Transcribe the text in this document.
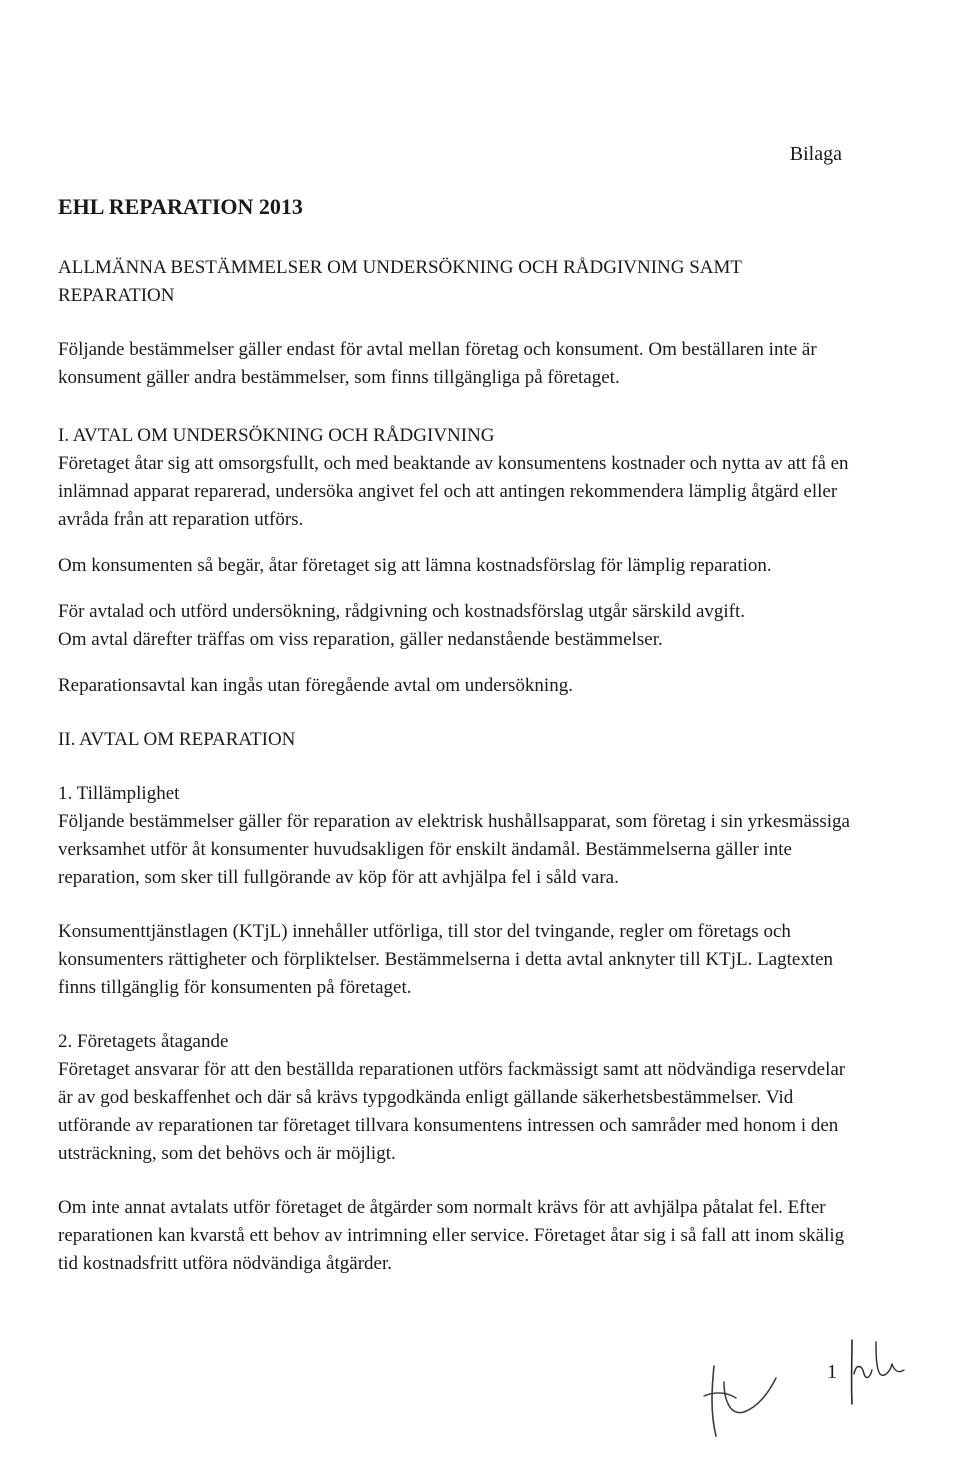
Bilaga
EHL REPARATION 2013

ALLMÄNNA BESTÄMMELSER OM UNDERSÖKNING OCH RÅDGIVNING SAMT
REPARATION

Följande bestämmelser gäller endast för avtal mellan företag och konsument. Om beställaren inte är konsument gäller andra bestämmelser, som finns tillgängliga på företaget.

I. AVTAL OM UNDERSÖKNING OCH RÅDGIVNING
Företaget åtar sig att omsorgsfullt, och med beaktande av konsumentens kostnader och nytta av att få en inlämnad apparat reparerad, undersöka angivet fel och att antingen rekommendera lämplig åtgärd eller avråda från att reparation utförs.

Om konsumenten så begär, åtar företaget sig att lämna kostnadsförslag för lämplig reparation.

För avtalad och utförd undersökning, rådgivning och kostnadsförslag utgår särskild avgift.
Om avtal därefter träffas om viss reparation, gäller nedanstående bestämmelser.

Reparationsavtal kan ingås utan föregående avtal om undersökning.

II. AVTAL OM REPARATION

1. Tillämplighet
Följande bestämmelser gäller för reparation av elektrisk hushållsapparat, som företag i sin yrkesmässiga verksamhet utför åt konsumenter huvudsakligen för enskilt ändamål. Bestämmelserna gäller inte reparation, som sker till fullgörande av köp för att avhjälpa fel i såld vara.

Konsumenttjänstlagen (KTjL) innehåller utförliga, till stor del tvingande, regler om företags och konsumenters rättigheter och förpliktelser. Bestämmelserna i detta avtal anknyter till KTjL. Lagtexten finns tillgänglig för konsumenten på företaget.

2. Företagets åtagande
Företaget ansvarar för att den beställda reparationen utförs fackmässigt samt att nödvändiga reservdelar är av god beskaffenhet och där så krävs typgodkända enligt gällande säkerhetsbestämmelser. Vid utförande av reparationen tar företaget tillvara konsumentens intressen och samråder med honom i den utsträckning, som det behövs och är möjligt.

Om inte annat avtalats utför företaget de åtgärder som normalt krävs för att avhjälpa påtalat fel. Efter reparationen kan kvarstå ett behov av intrimning eller service. Företaget åtar sig i så fall att inom skälig tid kostnadsfritt utföra nödvändiga åtgärder.

1
